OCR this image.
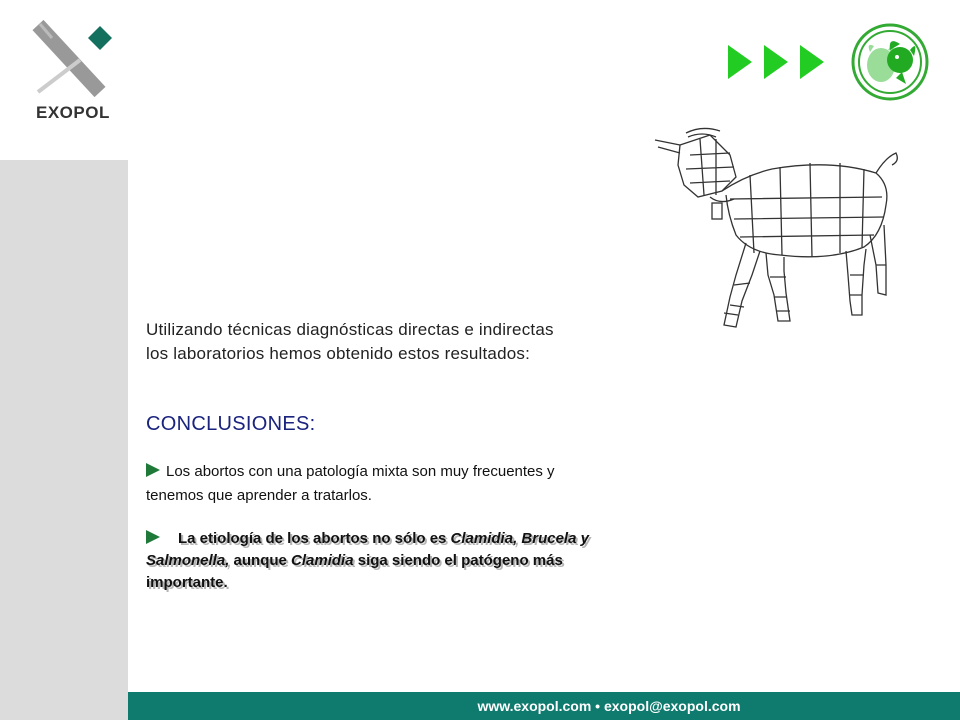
EXOPOL
Utilizando técnicas diagnósticas directas e indirectas
los laboratorios hemos obtenido estos resultados:
CONCLUSIONES:
Los abortos con una patología mixta son muy frecuentes y
tenemos que aprender a tratarlos.
La etiología de los abortos no sólo es Clamidia, Brucela y
Salmonella, aunque Clamidia siga siendo el patógeno más
importante.
www.exopol.com • exopol@exopol.com
